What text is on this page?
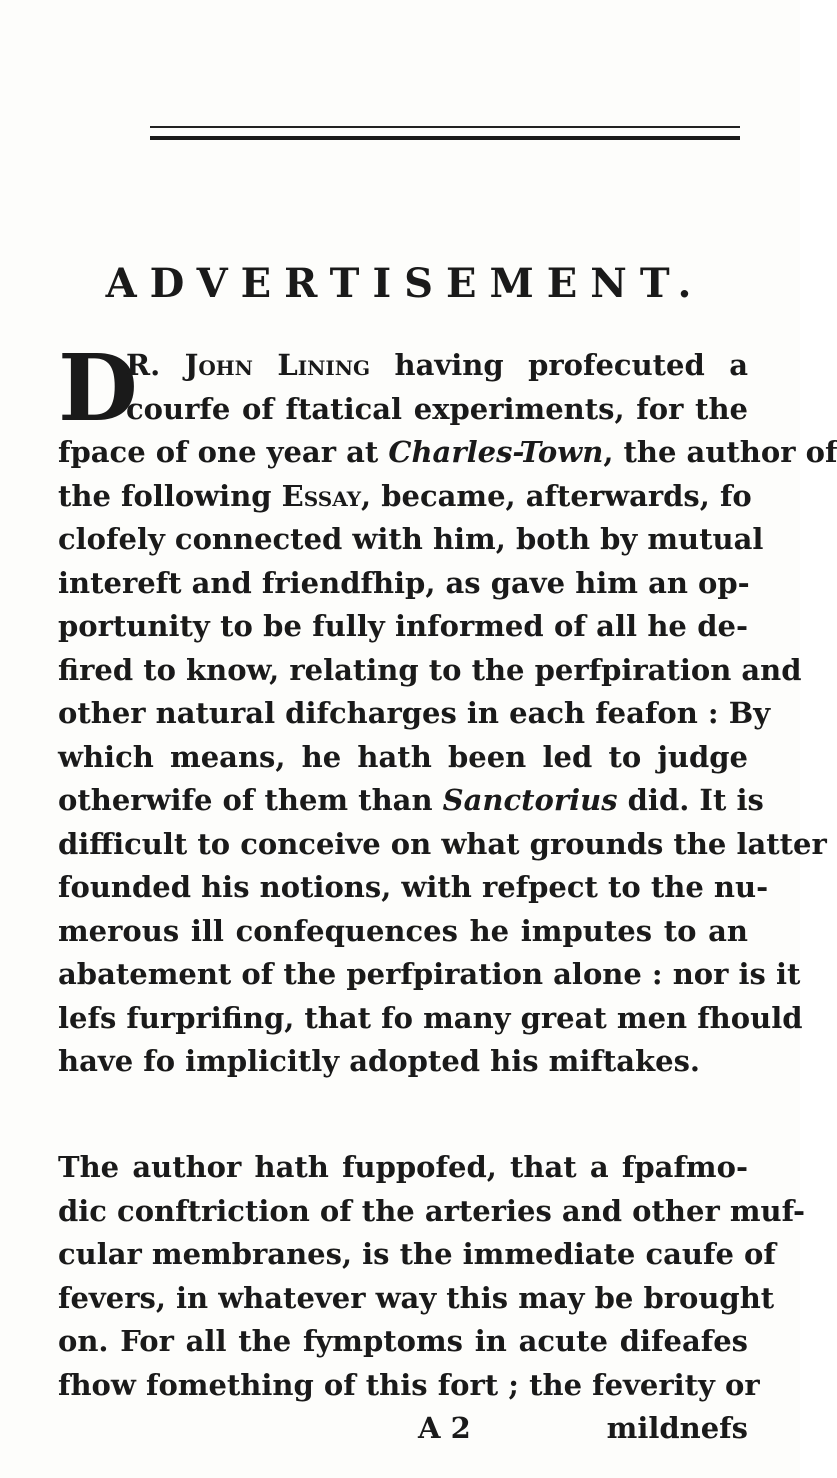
ADVERTISEMENT.
D
R. John Lining having profecuted a
courfe of ftatical experiments, for the
fpace of one year at Charles-Town, the author of
the following Essay, became, afterwards, fo
clofely connected with him, both by mutual
intereft and friendfhip, as gave him an op-
portunity to be fully informed of all he de-
fired to know, relating to the perfpiration and
other natural difcharges in each feafon : By
which means, he hath been led to judge
otherwife of them than Sanctorius did. It is
difficult to conceive on what grounds the latter
founded his notions, with refpect to the nu-
merous ill confequences he imputes to an
abatement of the perfpiration alone : nor is it
lefs furprifing, that fo many great men fhould
have fo implicitly adopted his miftakes.
The author hath fuppofed, that a fpafmo-
dic conftriction of the arteries and other muf-
cular membranes, is the immediate caufe of
fevers, in whatever way this may be brought
on. For all the fymptoms in acute difeafes
fhow fomething of this fort ; the feverity or
A 2	mildnefs
